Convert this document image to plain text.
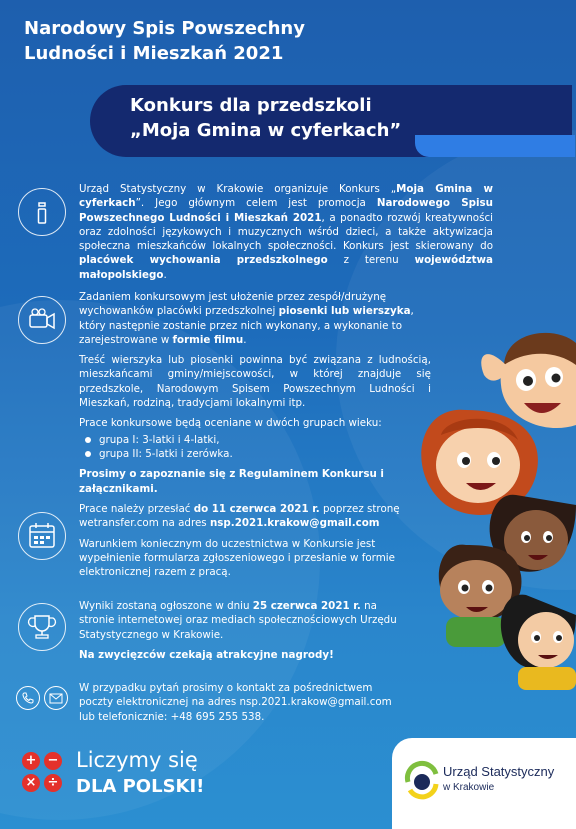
Narodowy Spis Powszechny
Ludności i Mieszkań 2021
Konkurs dla przedszkoli
„Moja Gmina w cyferkach”

Urząd Statystyczny w Krakowie organizuje Konkurs „Moja Gmina w cyferkach”. Jego głównym celem jest promocja Narodowego Spisu Powszechnego Ludności i Mieszkań 2021, a ponadto rozwój kreatywności oraz zdolności językowych i muzycznych wśród dzieci, a także aktywizacja społeczna mieszkańców lokalnych społeczności. Konkurs jest skierowany do placówek wychowania przedszkolnego z terenu województwa małopolskiego.

Zadaniem konkursowym jest ułożenie przez zespół/drużynę wychowanków placówki przedszkolnej piosenki lub wierszyka, który następnie zostanie przez nich wykonany, a wykonanie to zarejestrowane w formie filmu.

Treść wierszyka lub piosenki powinna być związana z ludnością, mieszkańcami gminy/miejscowości, w której znajduje się przedszkole, Narodowym Spisem Powszechnym Ludności i Mieszkań, rodziną, tradycjami lokalnymi itp.

Prace konkursowe będą oceniane w dwóch grupach wieku:

grupa I: 3-latki i 4-latki,
grupa II: 5-latki i zerówka.

Prosimy o zapoznanie się z Regulaminem Konkursu i załącznikami.

Prace należy przesłać do 11 czerwca 2021 r. poprzez stronę wetransfer.com na adres nsp.2021.krakow@gmail.com

Warunkiem koniecznym do uczestnictwa w Konkursie jest wypełnienie formularza zgłoszeniowego i przesłanie w formie elektronicznej razem z pracą.

Wyniki zostaną ogłoszone w dniu 25 czerwca 2021 r. na stronie internetowej oraz mediach społecznościowych Urzędu Statystycznego w Krakowie.

Na zwycięzców czekają atrakcyjne nagrody!

W przypadku pytań prosimy o kontakt za pośrednictwem poczty elektronicznej na adres nsp.2021.krakow@gmail.com lub telefonicznie: +48 695 255 538.

+ −
× ÷

Liczymy się

DLA POLSKI!

Urząd Statystyczny

w Krakowie
